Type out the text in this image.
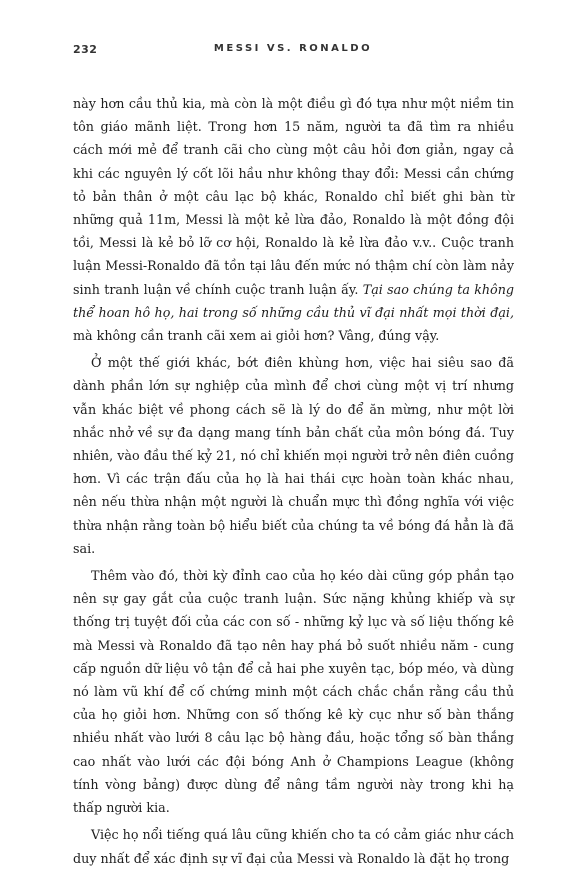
232	MESSI VS. RONALDO

này hơn cầu thủ kia, mà còn là một điều gì đó tựa như một niềm tin tôn giáo mãnh liệt. Trong hơn 15 năm, người ta đã tìm ra nhiều cách mới mẻ để tranh cãi cho cùng một câu hỏi đơn giản, ngay cả khi các nguyên lý cốt lõi hầu như không thay đổi: Messi cần chứng tỏ bản thân ở một câu lạc bộ khác, Ronaldo chỉ biết ghi bàn từ những quả 11m, Messi là một kẻ lừa đảo, Ronaldo là một đồng đội tồi, Messi là kẻ bỏ lỡ cơ hội, Ronaldo là kẻ lừa đảo v.v.. Cuộc tranh luận Messi-Ronaldo đã tồn tại lâu đến mức nó thậm chí còn làm nảy sinh tranh luận về chính cuộc tranh luận ấy. Tại sao chúng ta không thể hoan hô họ, hai trong số những cầu thủ vĩ đại nhất mọi thời đại, mà không cần tranh cãi xem ai giỏi hơn? Vâng, đúng vậy.

Ở một thế giới khác, bớt điên khùng hơn, việc hai siêu sao đã dành phần lớn sự nghiệp của mình để chơi cùng một vị trí nhưng vẫn khác biệt về phong cách sẽ là lý do để ăn mừng, như một lời nhắc nhở về sự đa dạng mang tính bản chất của môn bóng đá. Tuy nhiên, vào đầu thế kỷ 21, nó chỉ khiến mọi người trở nên điên cuồng hơn. Vì các trận đấu của họ là hai thái cực hoàn toàn khác nhau, nên nếu thừa nhận một người là chuẩn mực thì đồng nghĩa với việc thừa nhận rằng toàn bộ hiểu biết của chúng ta về bóng đá hẳn là đã sai.

Thêm vào đó, thời kỳ đỉnh cao của họ kéo dài cũng góp phần tạo nên sự gay gắt của cuộc tranh luận. Sức nặng khủng khiếp và sự thống trị tuyệt đối của các con số - những kỷ lục và số liệu thống kê mà Messi và Ronaldo đã tạo nên hay phá bỏ suốt nhiều năm - cung cấp nguồn dữ liệu vô tận để cả hai phe xuyên tạc, bóp méo, và dùng nó làm vũ khí để cố chứng minh một cách chắc chắn rằng cầu thủ của họ giỏi hơn. Những con số thống kê kỳ cục như số bàn thắng nhiều nhất vào lưới 8 câu lạc bộ hàng đầu, hoặc tổng số bàn thắng cao nhất vào lưới các đội bóng Anh ở Champions League (không tính vòng bảng) được dùng để nâng tầm người này trong khi hạ thấp người kia.

Việc họ nổi tiếng quá lâu cũng khiến cho ta có cảm giác như cách duy nhất để xác định sự vĩ đại của Messi và Ronaldo là đặt họ trong
